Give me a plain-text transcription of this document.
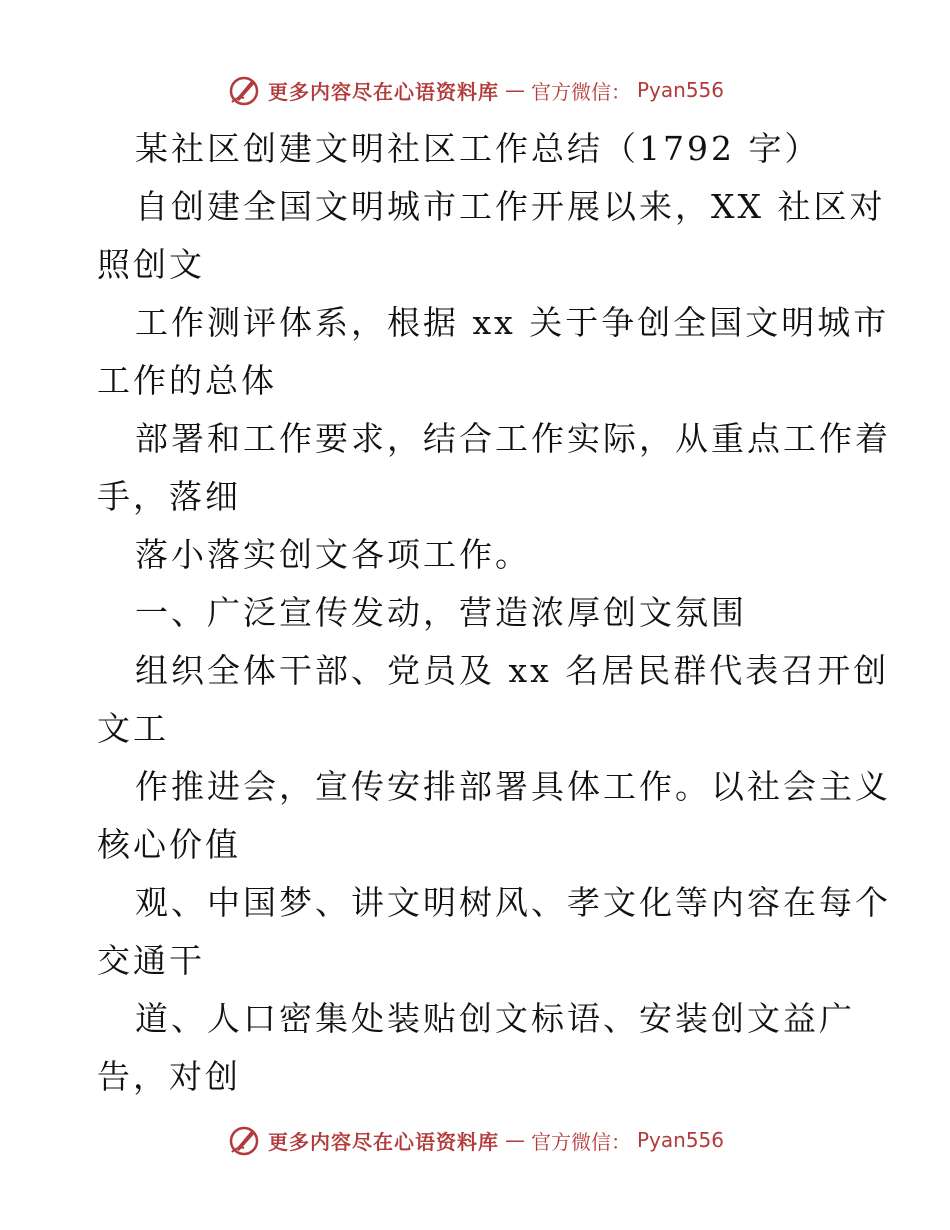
更多内容尽在心语资料库 — 官方微信： Pyan556
某社区创建文明社区工作总结（1792 字）
自创建全国文明城市工作开展以来，XX 社区对
照创文
工作测评体系，根据 xx 关于争创全国文明城市
工作的总体
部署和工作要求，结合工作实际，从重点工作着
手，落细
落小落实创文各项工作。
一、广泛宣传发动，营造浓厚创文氛围
组织全体干部、党员及 xx 名居民群代表召开创
文工
作推进会，宣传安排部署具体工作。以社会主义
核心价值
观、中国梦、讲文明树风、孝文化等内容在每个
交通干
道、人口密集处装贴创文标语、安装创文益广
告，对创
更多内容尽在心语资料库 — 官方微信： Pyan556
